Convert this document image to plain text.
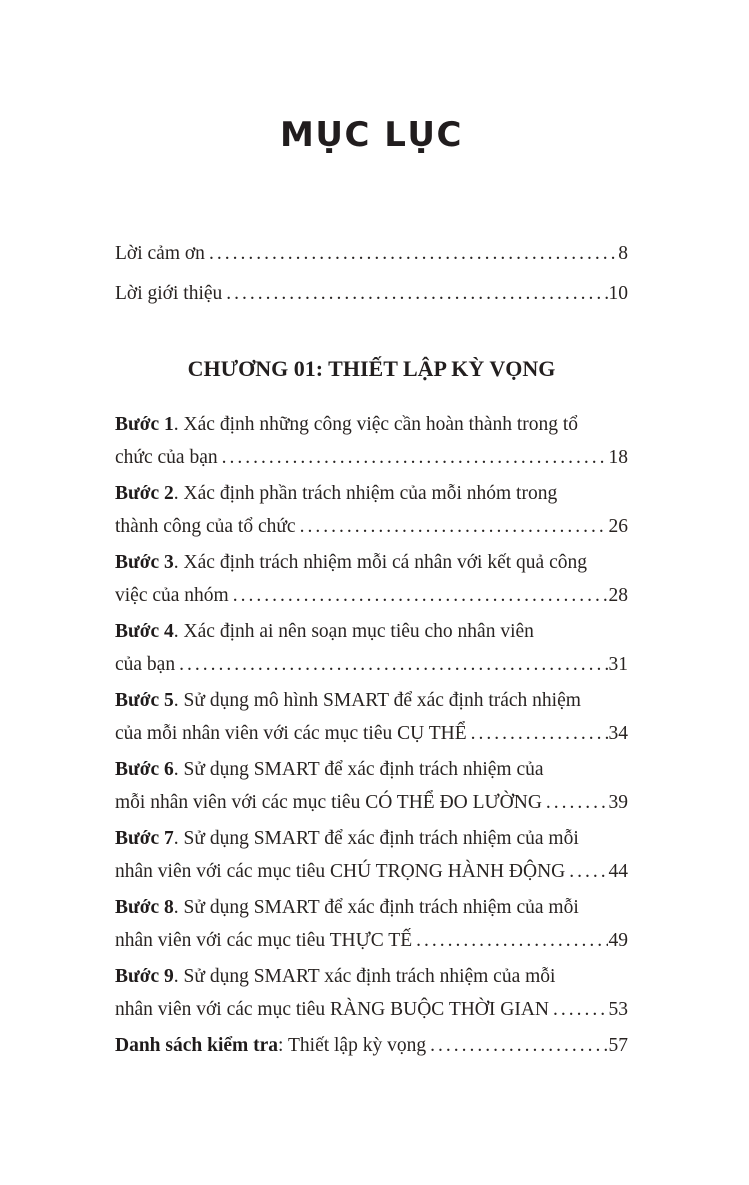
MỤC LỤC
Lời cảm ơn .....	8
Lời giới thiệu .....	10
CHƯƠNG 01: THIẾT LẬP KỲ VỌNG
Bước 1. Xác định những công việc cần hoàn thành trong tổ
chức của bạn .....	18
Bước 2. Xác định phần trách nhiệm của mỗi nhóm trong
thành công của tổ chức .....	26
Bước 3. Xác định trách nhiệm mỗi cá nhân với kết quả công
việc của nhóm .....	28
Bước 4. Xác định ai nên soạn mục tiêu cho nhân viên
của bạn .....	31
Bước 5. Sử dụng mô hình SMART để xác định trách nhiệm
của mỗi nhân viên với các mục tiêu CỤ THỂ .....	34
Bước 6. Sử dụng SMART để xác định trách nhiệm của
mỗi nhân viên với các mục tiêu CÓ THỂ ĐO LƯỜNG .....	39
Bước 7. Sử dụng SMART để xác định trách nhiệm của mỗi
nhân viên với các mục tiêu CHÚ TRỌNG HÀNH ĐỘNG ..... 44
Bước 8. Sử dụng SMART để xác định trách nhiệm của mỗi
nhân viên với các mục tiêu THỰC TẾ .....	49
Bước 9. Sử dụng SMART xác định trách nhiệm của mỗi
nhân viên với các mục tiêu RÀNG BUỘC THỜI GIAN .....	53
Danh sách kiểm tra : Thiết lập kỳ vọng .....	57
